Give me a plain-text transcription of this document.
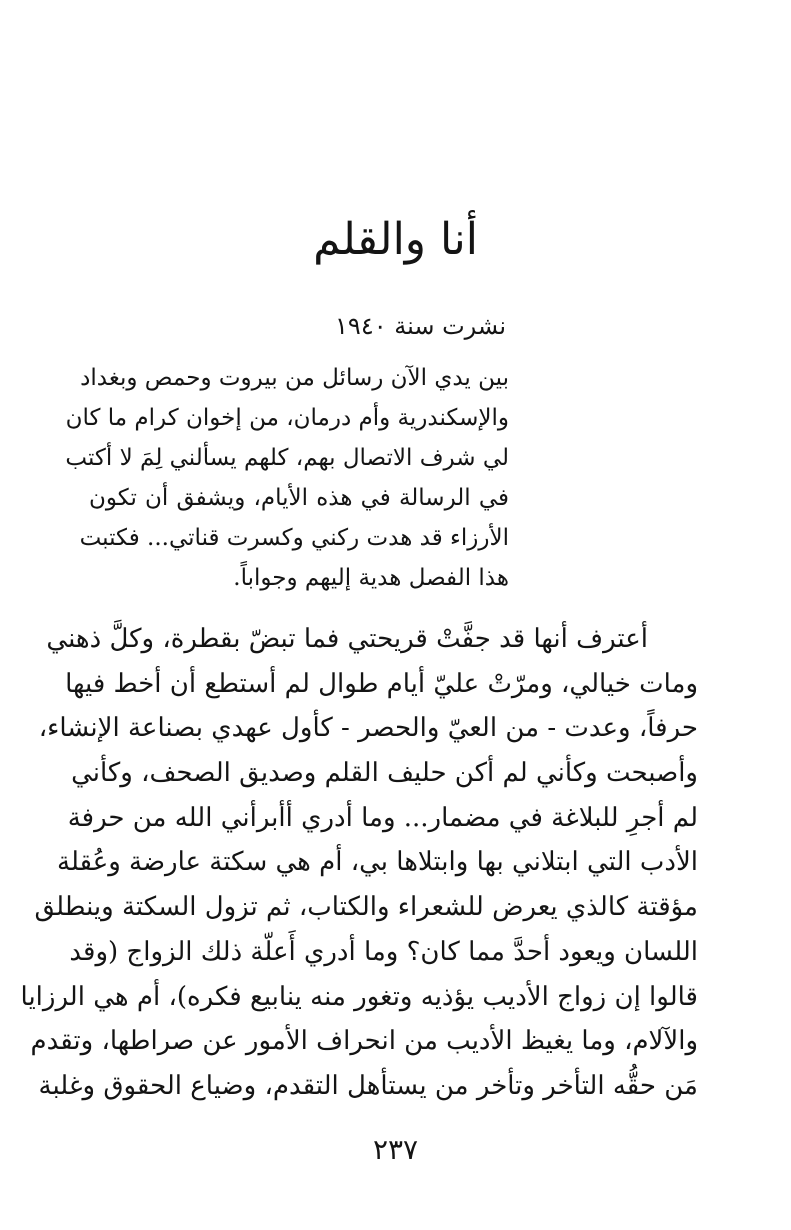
أنا والقلم

نشرت سنة ١٩٤٠

بين يدي الآن رسائل من بيروت وحمص وبغداد
والإسكندرية وأم درمان، من إخوان كرام ما كان
لي شرف الاتصال بهم، كلهم يسألني لِمَ لا أكتب
في الرسالة في هذه الأيام، ويشفق أن تكون
الأرزاء قد هدت ركني وكسرت قناتي... فكتبت
هذا الفصل هدية إليهم وجواباً.
أعترف أنها قد جفَّتْ قريحتي فما تبضّ بقطرة، وكلَّ ذهني
ومات خيالي، ومرّتْ عليّ أيام طوال لم أستطع أن أخط فيها
حرفاً، وعدت - من العيّ والحصر - كأول عهدي بصناعة الإنشاء،
وأصبحت وكأني لم أكن حليف القلم وصديق الصحف، وكأني
لم أجرِ للبلاغة في مضمار... وما أدري أأبرأني الله من حرفة
الأدب التي ابتلاني بها وابتلاها بي، أم هي سكتة عارضة وعُقلة
مؤقتة كالذي يعرض للشعراء والكتاب، ثم تزول السكتة وينطلق
اللسان ويعود أحدَّ مما كان؟ وما أدري أَعلّة ذلك الزواج (وقد
قالوا إن زواج الأديب يؤذيه وتغور منه ينابيع فكره)، أم هي الرزايا
والآلام، وما يغيظ الأديب من انحراف الأمور عن صراطها، وتقدم
مَن حقُّه التأخر وتأخر من يستأهل التقدم، وضياع الحقوق وغلبة
٢٣٧
